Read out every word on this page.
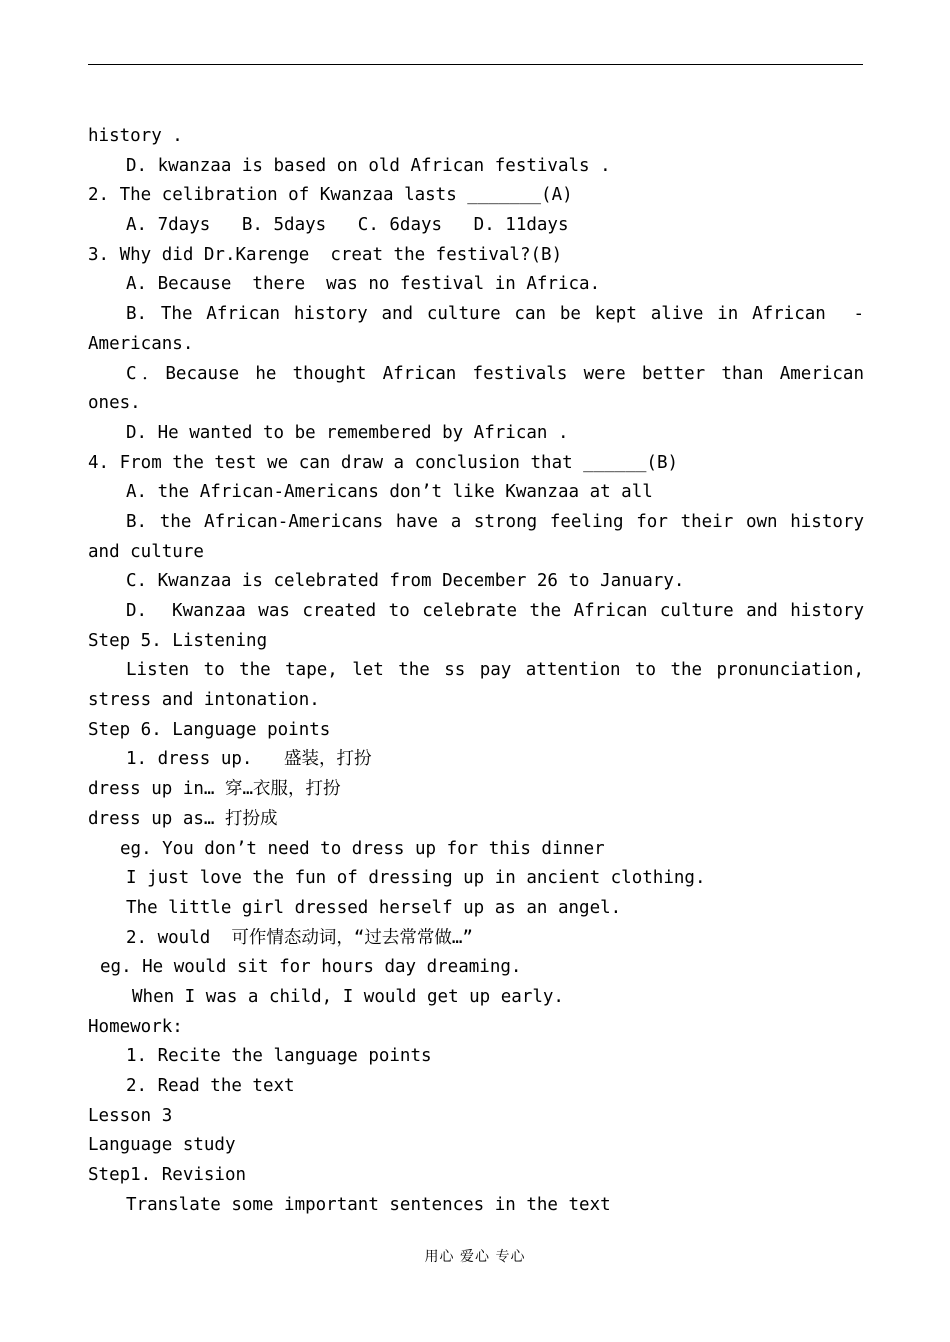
history .
D. kwanzaa is based on old African festivals .
2. The celibration of Kwanzaa lasts _______(A)
A. 7days   B. 5days   C. 6days   D. 11days
3. Why did Dr.Karenge  creat the festival?(B)
A. Because  there  was no festival in Africa.
B. The African history and culture can be kept alive in African  -
Americans.
C．Because he thought African festivals were better than American
ones.
D. He wanted to be remembered by African .
4. From the test we can draw a conclusion that ______(B)
A. the African-Americans don’t like Kwanzaa at all
B. the African-Americans have a strong feeling for their own history
and culture
C. Kwanzaa is celebrated from December 26 to January.
D.  Kwanzaa was created to celebrate the African culture and history
Step 5. Listening
Listen to the tape, let the ss pay attention to the pronunciation,
stress and intonation.
Step 6. Language points
1. dress up.   盛装，打扮
dress up in… 穿…衣服，打扮
dress up as… 打扮成
eg. You don’t need to dress up for this dinner
I just love the fun of dressing up in ancient clothing.
The little girl dressed herself up as an angel.
2. would  可作情态动词，“过去常常做…”
eg. He would sit for hours day dreaming.
When I was a child, I would get up early.
Homework:
1. Recite the language points
2. Read the text
Lesson 3
Language study
Step1. Revision
Translate some important sentences in the text
用心 爱心 专心
